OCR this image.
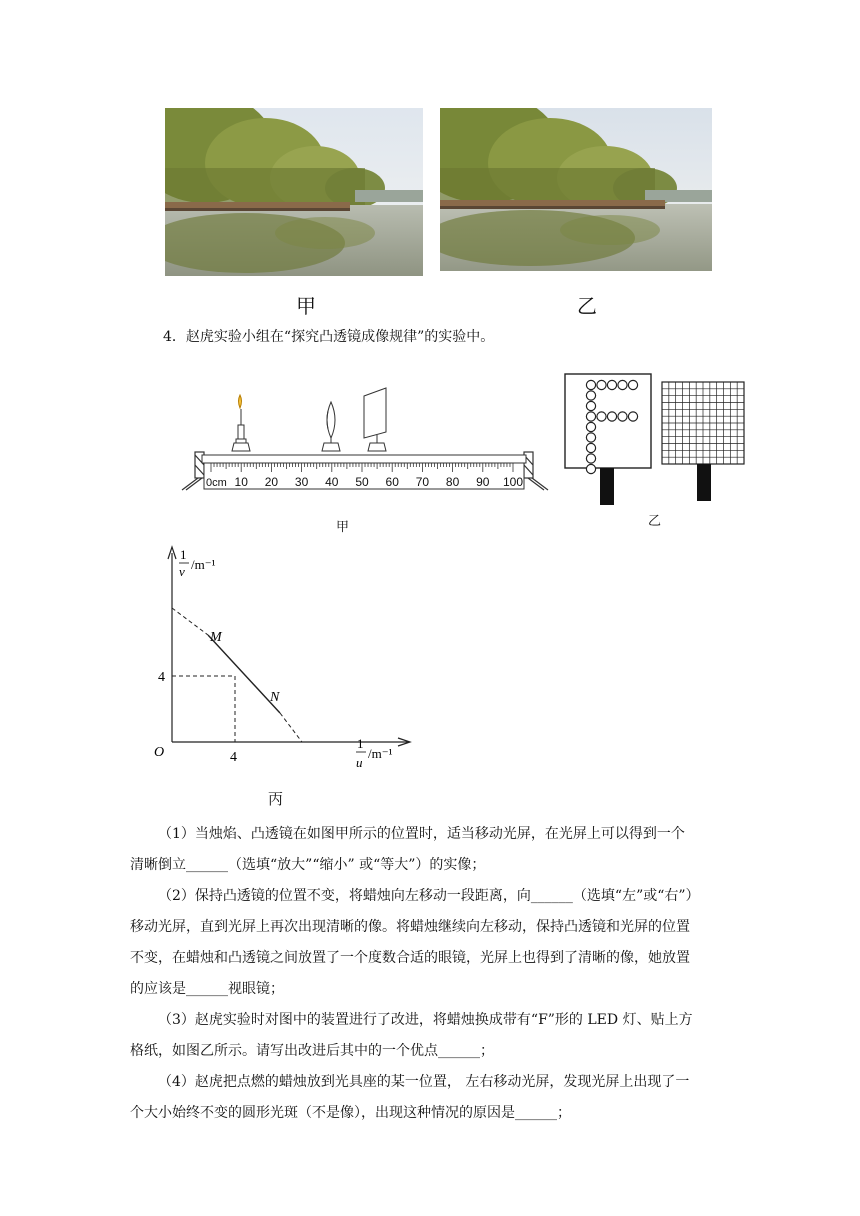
甲	乙
4．赵虎实验小组在“探究凸透镜成像规律”的实验中。
0cm 10 20 30 40 50 60 70 80 90 100
甲	乙
1
v /m⁻¹
1
u
/m⁻¹
O
4
4
M
N
丙

（1）当烛焰、凸透镜在如图甲所示的位置时，适当移动光屏，在光屏上可以得到一个

清晰倒立______（选填“放大”“缩小” 或“等大”）的实像；

（2）保持凸透镜的位置不变，将蜡烛向左移动一段距离，向______（选填“左”或“右”）

移动光屏，直到光屏上再次出现清晰的像。将蜡烛继续向左移动，保持凸透镜和光屏的位置

不变，在蜡烛和凸透镜之间放置了一个度数合适的眼镜，光屏上也得到了清晰的像，她放置

的应该是______视眼镜；

（3）赵虎实验时对图中的装置进行了改进，将蜡烛换成带有“F”形的 LED 灯、贴上方

格纸，如图乙所示。请写出改进后其中的一个优点______；

（4）赵虎把点燃的蜡烛放到光具座的某一位置， 左右移动光屏，发现光屏上出现了一

个大小始终不变的圆形光斑（不是像），出现这种情况的原因是______；
